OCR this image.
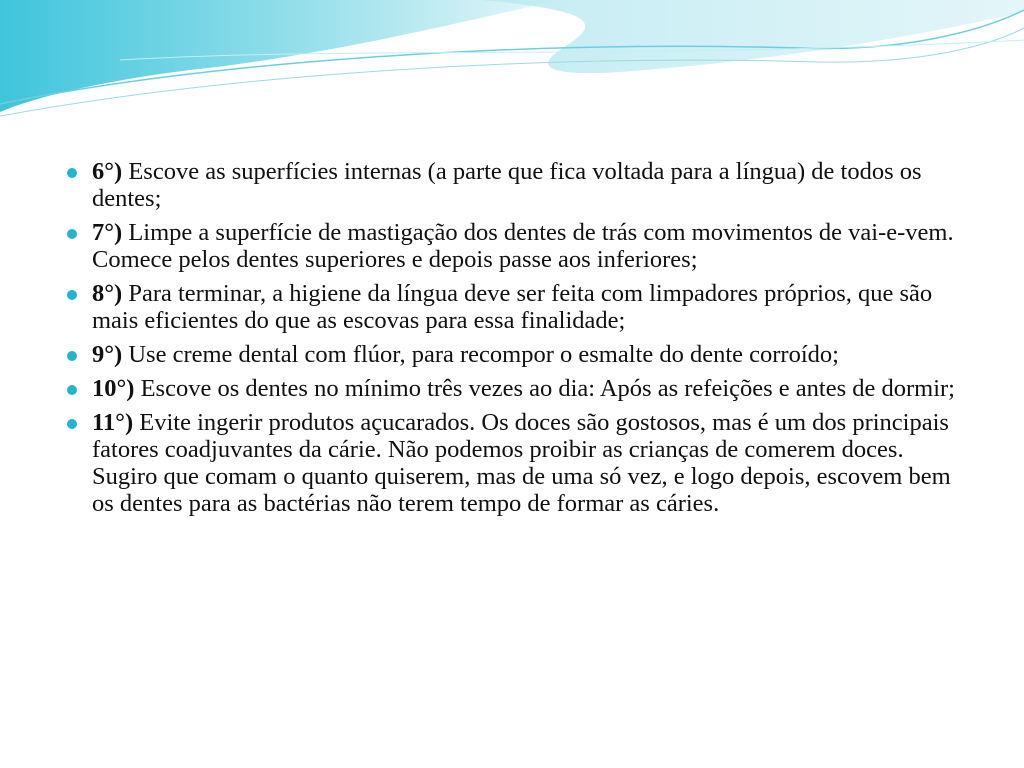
6°) Escove as superfícies internas (a parte que fica voltada para a língua) de todos os dentes;
7°) Limpe a superfície de mastigação dos dentes de trás com movimentos de vai-e-vem. Comece pelos dentes superiores e depois passe aos inferiores;
8°) Para terminar, a higiene da língua deve ser feita com limpadores próprios, que são mais eficientes do que as escovas para essa finalidade;
9°) Use creme dental com flúor, para recompor o esmalte do dente corroído;
10°) Escove os dentes no mínimo três vezes ao dia: Após as refeições e antes de dormir;
11°) Evite ingerir produtos açucarados. Os doces são gostosos, mas é um dos principais fatores coadjuvantes da cárie. Não podemos proibir as crianças de comerem doces. Sugiro que comam o quanto quiserem, mas de uma só vez, e logo depois, escovem bem os dentes para as bactérias não terem tempo de formar as cáries.
